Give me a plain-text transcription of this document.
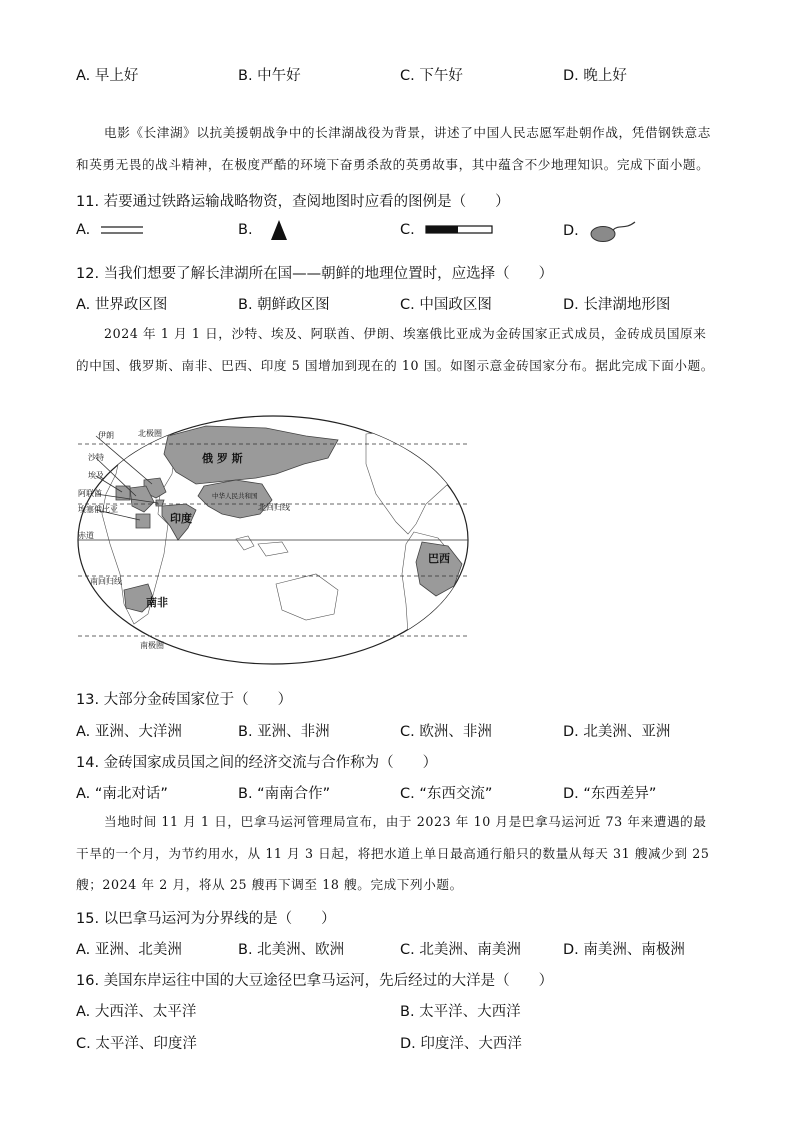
A. 早上好	B. 中午好	C. 下午好	D. 晚上好
电影《长津湖》以抗美援朝战争中的长津湖战役为背景，讲述了中国人民志愿军赴朝作战，凭借钢铁意志和英勇无畏的战斗精神，在极度严酷的环境下奋勇杀敌的英勇故事，其中蕴含不少地理知识。完成下面小题。
11. 若要通过铁路运输战略物资，查阅地图时应看的图例是（　　）
A.	B.	C.	D.
12. 当我们想要了解长津湖所在国——朝鲜的地理位置时，应选择（　　）
A. 世界政区图	B. 朝鲜政区图	C. 中国政区图	D. 长津湖地形图
2024 年 1 月 1 日，沙特、埃及、阿联酋、伊朗、埃塞俄比亚成为金砖国家正式成员，金砖成员国原来的中国、俄罗斯、南非、巴西、印度 5 国增加到现在的 10 国。如图示意金砖国家分布。据此完成下面小题。
伊朗
沙特
埃及
阿联酋
埃塞俄比亚
北极圈
北回归线
赤道
南回归线
南极圈
俄 罗 斯
印度
巴西
南非
中华人民共和国
13. 大部分金砖国家位于（　　）
A. 亚洲、大洋洲	B. 亚洲、非洲	C. 欧洲、非洲	D. 北美洲、亚洲
14. 金砖国家成员国之间的经济交流与合作称为（　　）
A. “南北对话”	B. “南南合作”	C. “东西交流”	D. “东西差异”
当地时间 11 月 1 日，巴拿马运河管理局宣布，由于 2023 年 10 月是巴拿马运河近 73 年来遭遇的最干旱的一个月，为节约用水，从 11 月 3 日起，将把水道上单日最高通行船只的数量从每天 31 艘减少到 25 艘；2024 年 2 月，将从 25 艘再下调至 18 艘。完成下列小题。
15. 以巴拿马运河为分界线的是（　　）
A. 亚洲、北美洲	B. 北美洲、欧洲	C. 北美洲、南美洲	D. 南美洲、南极洲
16. 美国东岸运往中国的大豆途径巴拿马运河，先后经过的大洋是（　　）
A. 大西洋、太平洋	B. 太平洋、大西洋
C. 太平洋、印度洋	D. 印度洋、大西洋
